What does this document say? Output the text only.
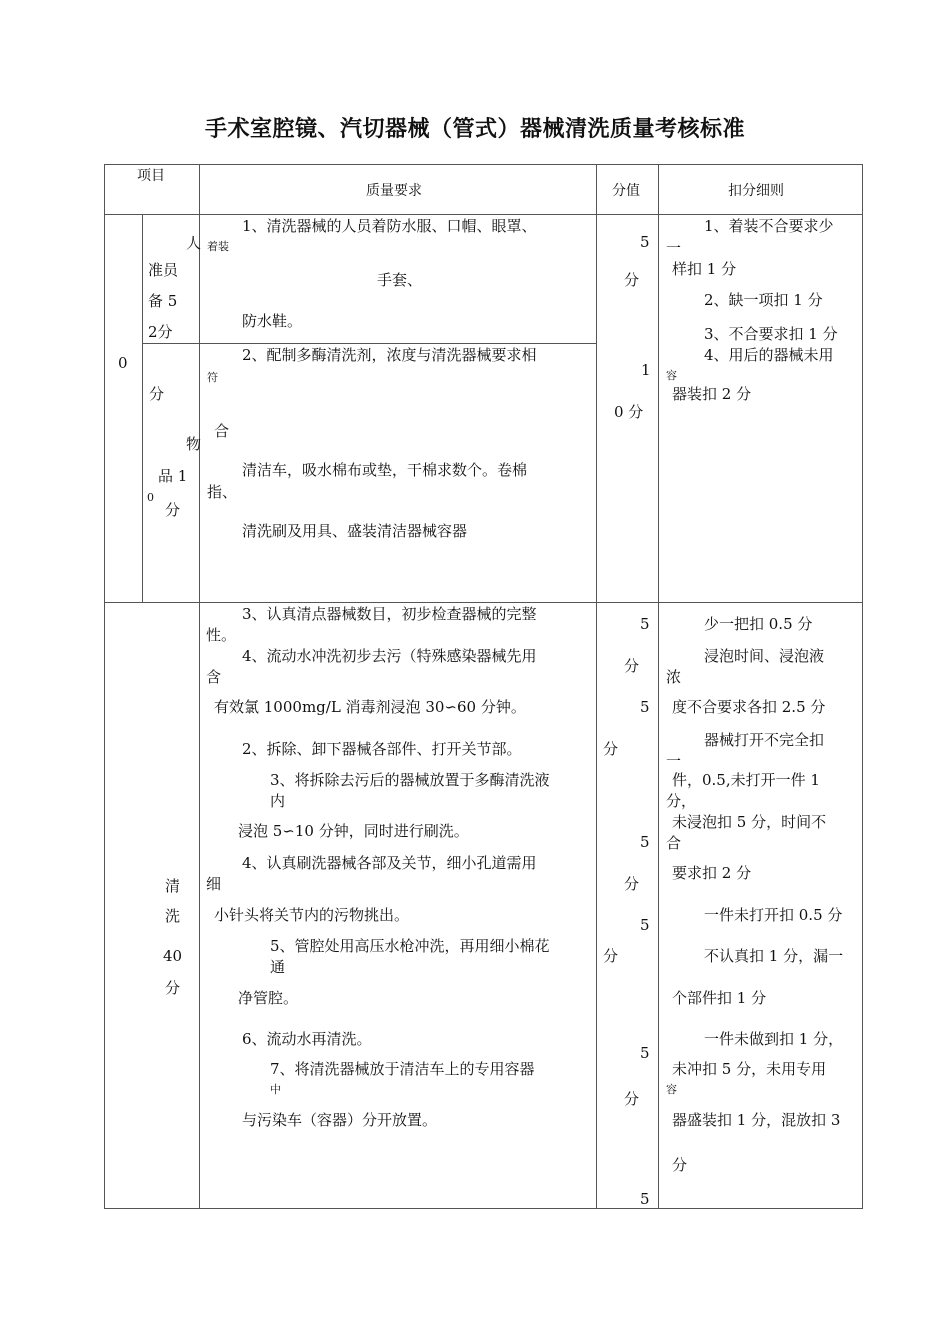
手术室腔镜、汽切器械（管式）器械清洗质量考核标准
项目
质量要求	分值	扣分细则
0
人
准员
备 5
2分
分
物
品 1
0
分
着装
1、清洗器械的人员着防水服、口帽、眼罩、
手套、
防水鞋。
2、配制多酶清洗剂，浓度与清洗器械要求相
符
合
清洁车，吸水棉布或垫，干棉求数个。卷棉
指、
清洗刷及用具、盛装清洁器械容器
5
分
1
0 分
1、着装不合要求少
一
样扣 1 分
2、缺一项扣 1 分
3、不合要求扣 1 分
4、用后的器械未用
容
器装扣 2 分
清
洗
40
分
3、认真清点器械数目，初步检查器械的完整
性。
4、流动水冲洗初步去污（特殊感染器械先用
含
有效氯 1000mg/L 消毒剂浸泡 30∽60 分钟。
2、拆除、卸下器械各部件、打开关节部。
3、将拆除去污后的器械放置于多酶清洗液
内
浸泡 5∽10 分钟，同时进行刷洗。
4、认真刷洗器械各部及关节，细小孔道需用
细
小针头将关节内的污物挑出。
5、管腔处用高压水枪冲洗，再用细小棉花
通
净管腔。
6、流动水再清洗。
7、将清洗器械放于清洁车上的专用容器
中
与污染车（容器）分开放置。
5
分
5
分
5
分
5
分
5
分
5
少一把扣 0.5 分
浸泡时间、浸泡液
浓
度不合要求各扣 2.5 分
器械打开不完全扣
一
件，0.5,未打开一件 1
分，
未浸泡扣 5 分，时间不
合
要求扣 2 分
一件未打开扣 0.5 分
不认真扣 1 分，漏一
个部件扣 1 分
一件未做到扣 1 分，
未冲扣 5 分，未用专用
容
器盛装扣 1 分，混放扣 3
分
